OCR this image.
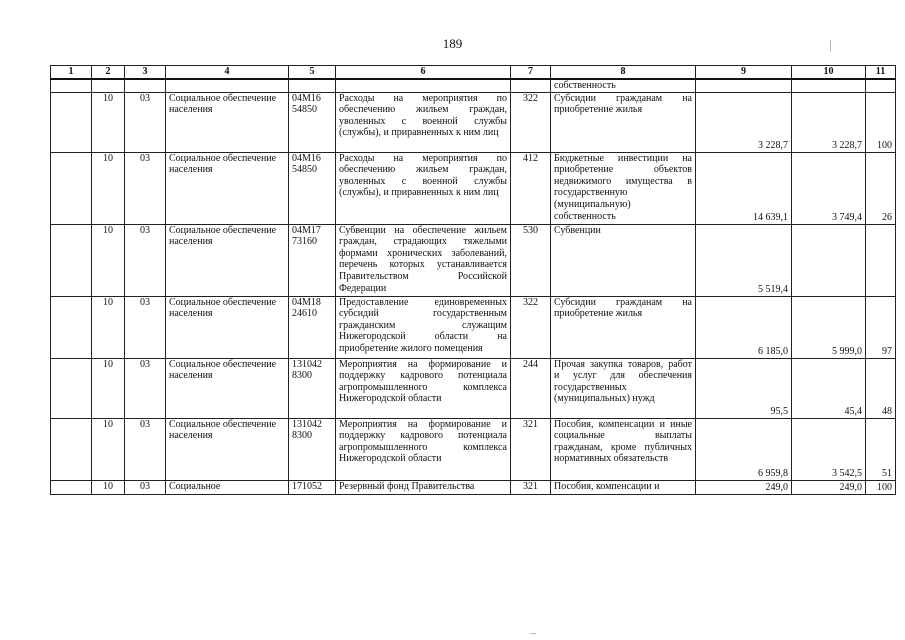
189
1	2	3	4	5	6	7	8	9	10	11
							собственность			
	10	03	Социальное обеспечение населения	04М16 54850	Расходы на мероприятия по обеспечению жильем граждан, уволенных с военной службы (службы), и приравненных к ним лиц	322	Субсидии гражданам на приобретение жилья	3 228,7	3 228,7	100
	10	03	Социальное обеспечение населения	04М16 54850	Расходы на мероприятия по обеспечению жильем граждан, уволенных с военной службы (службы), и приравненных к ним лиц	412	Бюджетные инвестиции на приобретение объектов недвижимого имущества в государственную (муниципальную) собственность	14 639,1	3 749,4	26
	10	03	Социальное обеспечение населения	04М17 73160	Субвенции на обеспечение жильем граждан, страдающих тяжелыми формами хронических заболеваний, перечень которых устанавливается Правительством Российской Федерации	530	Субвенции	5 519,4		
	10	03	Социальное обеспечение населения	04М18 24610	Предоставление единовременных субсидий государственным гражданским служащим Нижегородской области на приобретение жилого помещения	322	Субсидии гражданам на приобретение жилья	6 185,0	5 999,0	97
	10	03	Социальное обеспечение населения	131042 8300	Мероприятия на формирование и поддержку кадрового потенциала агропромышленного комплекса Нижегородской области	244	Прочая закупка товаров, работ и услуг для обеспечения государственных (муниципальных) нужд	95,5	45,4	48
	10	03	Социальное обеспечение населения	131042 8300	Мероприятия на формирование и поддержку кадрового потенциала агропромышленного комплекса Нижегородской области	321	Пособия, компенсации и иные социальные выплаты гражданам, кроме публичных нормативных обязательств	6 959,8	3 542,5	51
	10	03	Социальное	171052	Резервный фонд Правительства	321	Пособия, компенсации и	249,0	249,0	100
